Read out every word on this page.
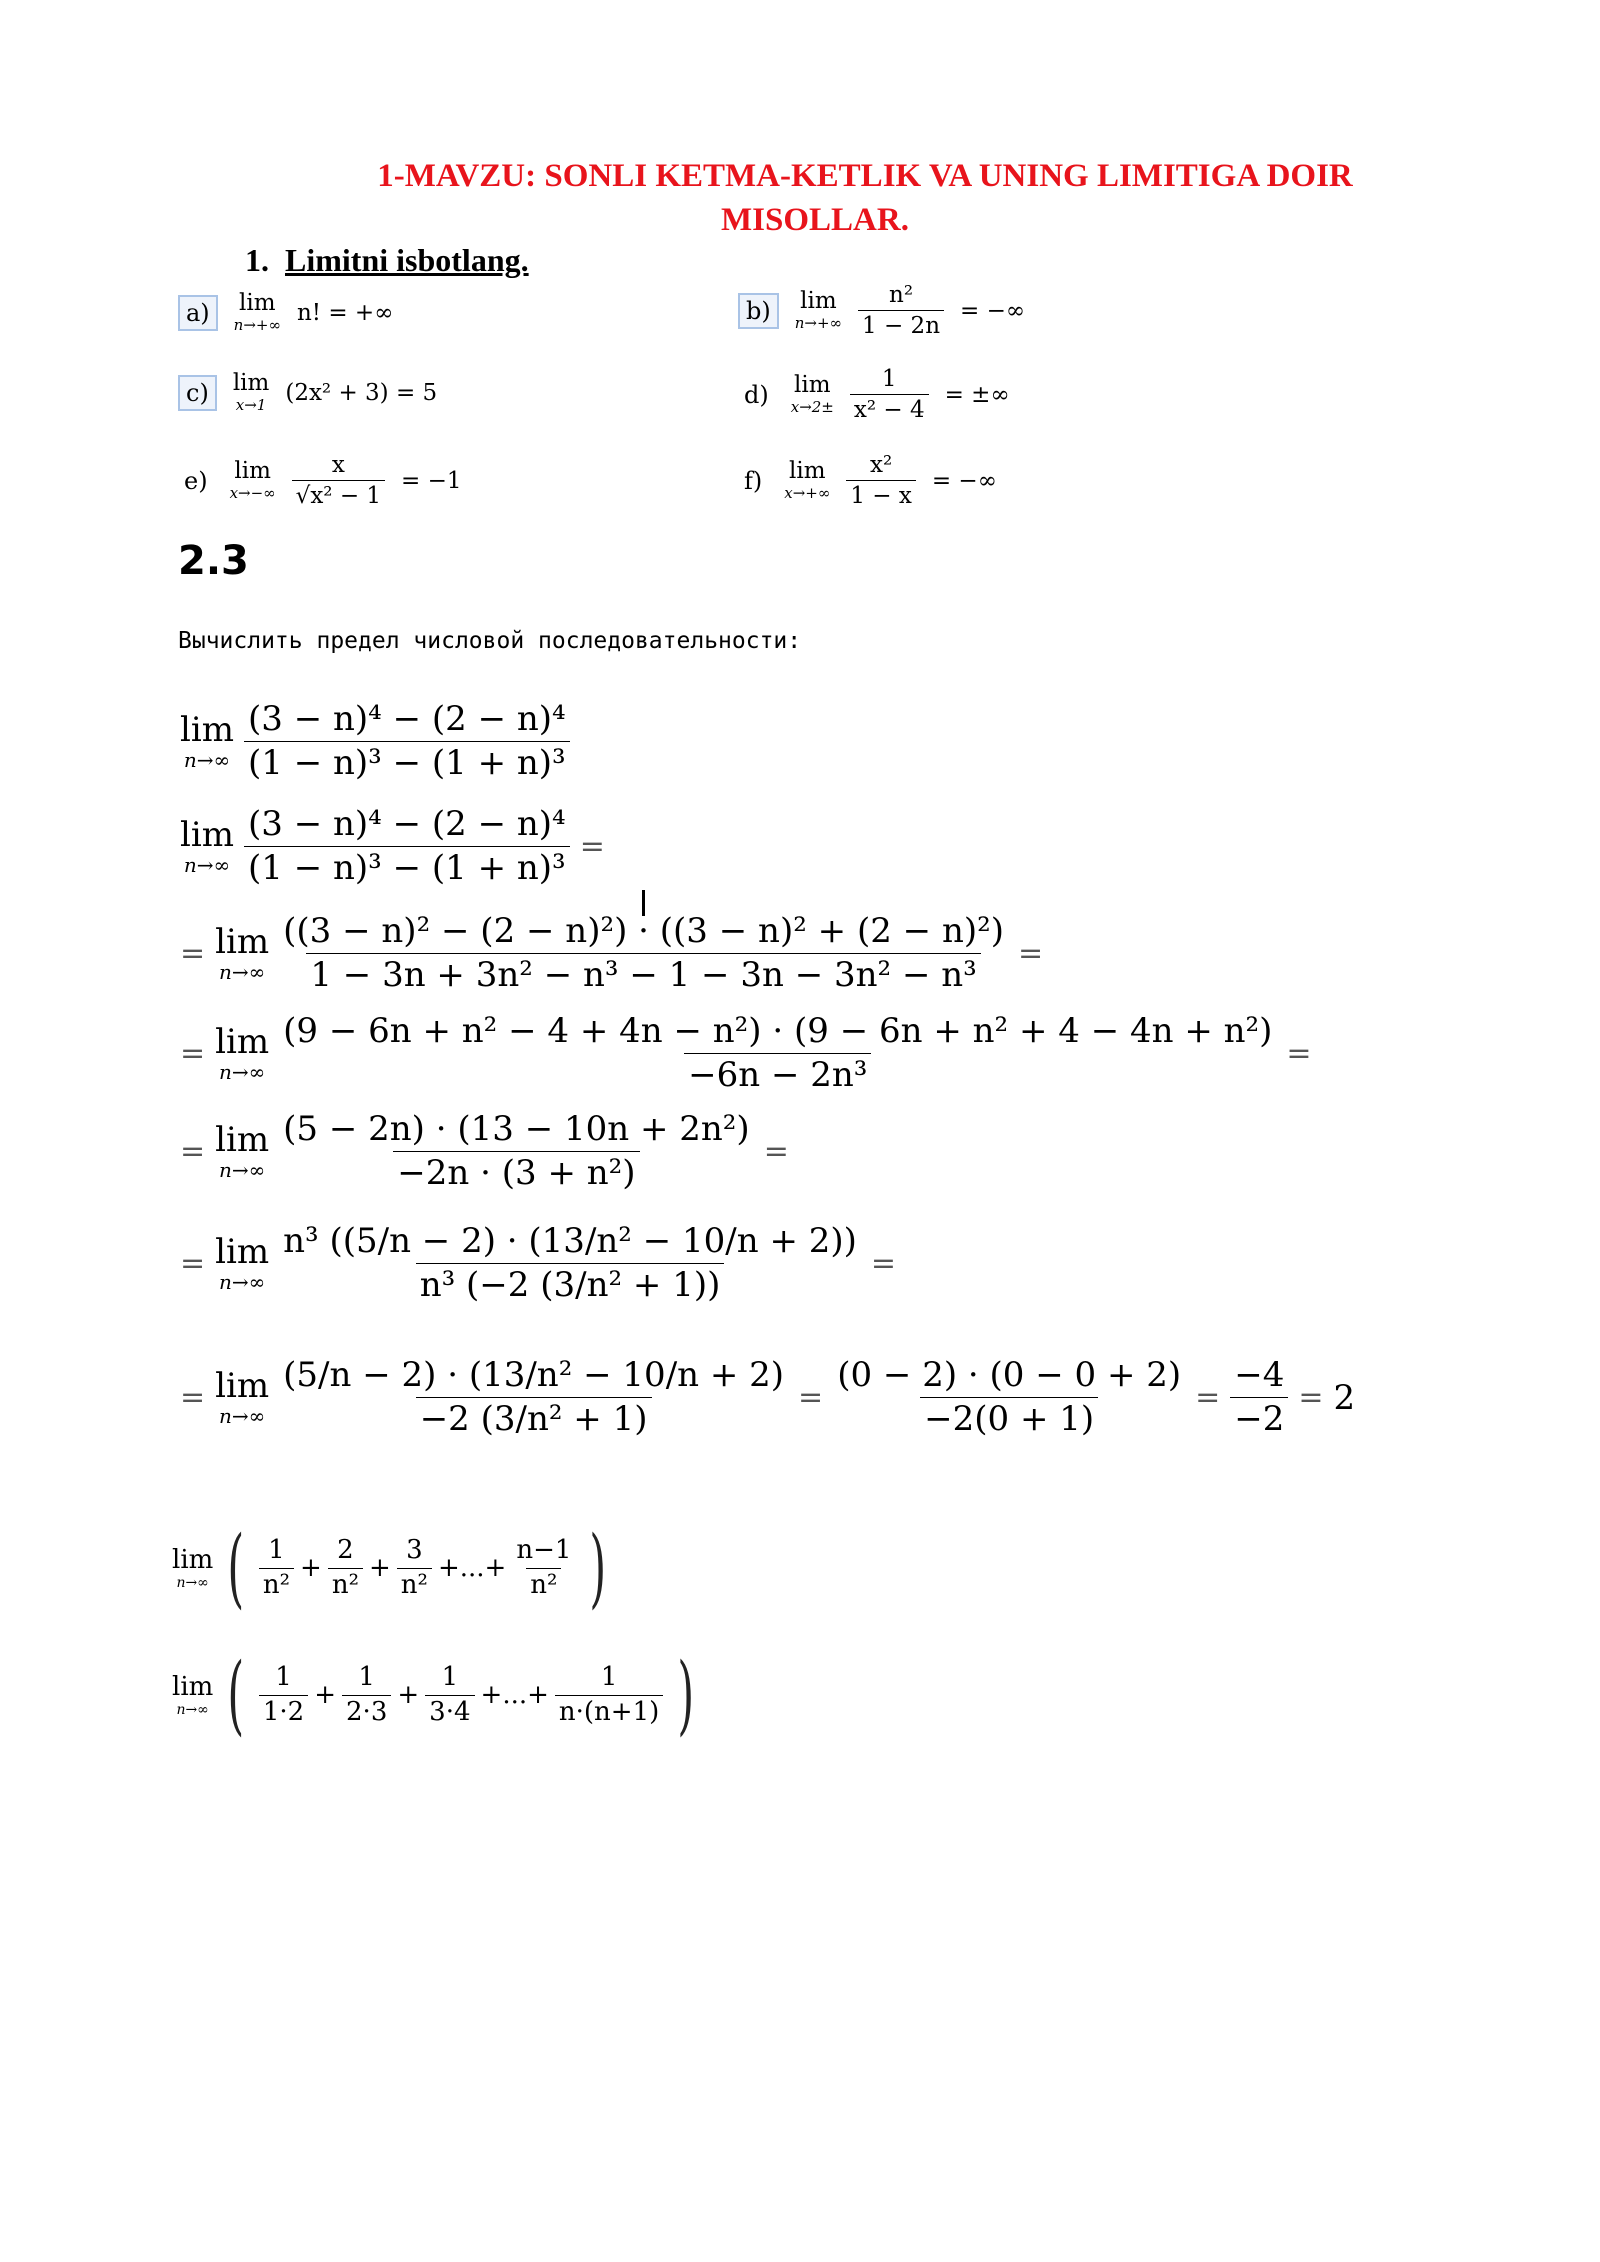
1-MAVZU: SONLI KETMA-KETLIK VA UNING LIMITIGA DOIR
MISOLLAR.
1. Limitni isbotlang.
a)	lim
n→+∞ n! = +∞	b)	lim
$n\to+\infty \frac{\text{n²}}{1 - 2n}$ = −∞
c)	lim
x→1 (2x² + 3) = 5	d) lim
$x\to 2\pm \frac{1}{\text{x² − 4}}$ = ±∞
e) lim
$x\to-\infty \frac{x}{\text{√x² − 1}} = -1$	f) lim
$x\to+\infty \frac{\text{x²}}{1 - x}$ = −∞
2.3
Вычислить предел числовой последовательности:
lim
$n\to\infty \frac{\text{(3 − n)⁴ − (2 − n)⁴}}{\text{(1 − n)³ − (1 + n)³}}$
lim
$n\to\infty \frac{\text{(3 − n)⁴ − (2 − n)⁴}}{\text{(1 − n)³ − (1 + n)³}}$ =
= lim
$n\to\infty \frac{\text{((3 − n)² − (2 − n)²) · ((3 − n)² + (2 − n)²)}}{\text{1 − 3n + 3n² − n³ − 1 − 3n − 3n² − n³}}$ =
= lim
$n\to\infty \frac{\text{(9 − 6n + n² − 4 + 4n − n²) · (9 − 6n + n² + 4 − 4n + n²)}}{\text{−6n − 2n³}}$ =
= lim
$n\to\infty \frac{\text{(5 − 2n) · (13 − 10n + 2n²)}}{\text{−2n · (3 + n²)}}$ =
= lim
$n\to\infty \frac{\text{n³ ((5/n − 2) · (13/n² − 10/n + 2))}}{\text{n³ (−2 (3/n² + 1))}}$ =
= lim
$n\to\infty \frac{\text{(5/n − 2) · (13/n² − 10/n + 2)}}{\text{−2 (3/n² + 1)}} = \frac{(0 - 2) \cdot (0 - 0 + 2)}{-2(0 + 1)} = \frac{-4}{-2} = 2$
lim
n→∞ ( $\frac{1}{\text{n²}} + \frac{2}{\text{n²}} + \frac{3}{\text{n²}}$ +...+ $\frac{n-1}{\text{n²}}$ )
lim
n→∞ ( $\frac{1}{1\cdot 2} + \frac{1}{2\cdot 3} + \frac{1}{3\cdot 4}$ +...+ $\frac{1}{n\cdot(n+1)}$ )
